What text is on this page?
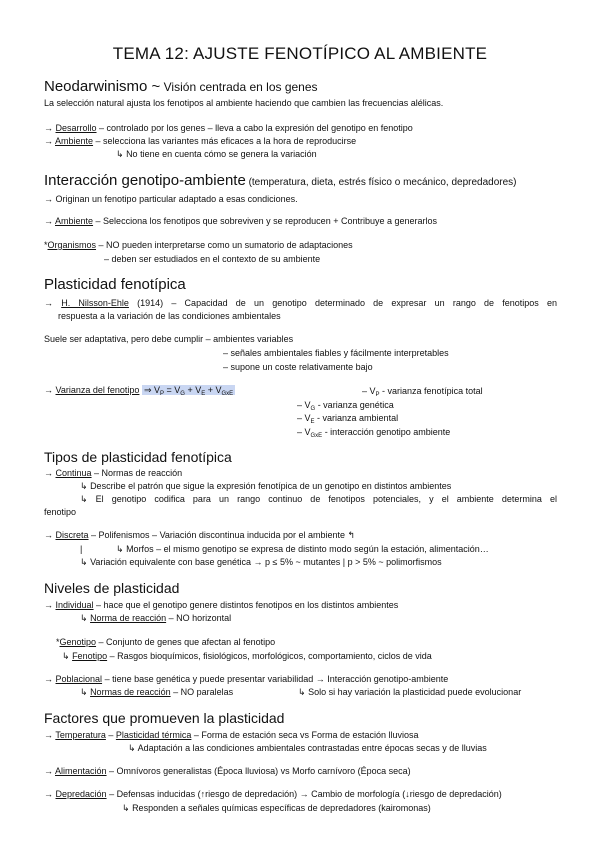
TEMA 12: AJUSTE FENOTÍPICO AL AMBIENTE
Neodarwinismo ~ Visión centrada en los genes
La selección natural ajusta los fenotipos al ambiente haciendo que cambien las frecuencias alélicas.
→ Desarrollo – controlado por los genes – lleva a cabo la expresión del genotipo en fenotipo
→ Ambiente – selecciona las variantes más eficaces a la hora de reproducirse
↳ No tiene en cuenta cómo se genera la variación
Interacción genotipo-ambiente (temperatura, dieta, estrés físico o mecánico, depredadores)
→ Originan un fenotipo particular adaptado a esas condiciones.
→ Ambiente – Selecciona los fenotipos que sobreviven y se reproducen + Contribuye a generarlos
*Organismos – NO pueden interpretarse como un sumatorio de adaptaciones
– deben ser estudiados en el contexto de su ambiente
Plasticidad fenotípica
→ H. Nilsson-Ehle (1914) – Capacidad de un genotipo determinado de expresar un rango de fenotipos en
respuesta a la variación de las condiciones ambientales
Suele ser adaptativa, pero debe cumplir – ambientes variables
– señales ambientales fiables y fácilmente interpretables
– supone un coste relativamente bajo
→ Varianza del fenotipo ⇒ $V_P = V_G + V_E + V_{GxE}$	– $V_P$ - varianza fenotípica total
– $V_G$ - varianza genética
– $V_E$ - varianza ambiental
– $V_{GxE}$ - interacción genotipo ambiente
Tipos de plasticidad fenotípica
→ Continua – Normas de reacción
↳ Describe el patrón que sigue la expresión fenotípica de un genotipo en distintos ambientes
↳ El genotipo codifica para un rango continuo de fenotipos potenciales, y el ambiente determina el
fenotipo
→ Discreta – Polifenismos – Variación discontinua inducida por el ambiente ↰
|	↳ Morfos – el mismo genotipo se expresa de distinto modo según la estación, alimentación…
↳ Variación equivalente con base genética → p ≤ 5% ~ mutantes | p > 5% ~ polimorfismos
Niveles de plasticidad
→ Individual – hace que el genotipo genere distintos fenotipos en los distintos ambientes
↳ Norma de reacción – NO horizontal
*Genotipo – Conjunto de genes que afectan al fenotipo
↳ Fenotipo – Rasgos bioquímicos, fisiológicos, morfológicos, comportamiento, ciclos de vida
→ Poblacional – tiene base genética y puede presentar variabilidad → Interacción genotipo-ambiente
↳ Normas de reacción – NO paralelas	↳ Solo si hay variación la plasticidad puede evolucionar
Factores que promueven la plasticidad
→ Temperatura – Plasticidad térmica – Forma de estación seca vs Forma de estación lluviosa
↳ Adaptación a las condiciones ambientales contrastadas entre épocas secas y de lluvias
→ Alimentación – Omnívoros generalistas (Época lluviosa) vs Morfo carnívoro (Época seca)
→ Depredación – Defensas inducidas (↑riesgo de depredación) → Cambio de morfología (↓riesgo de depredación)
↳ Responden a señales químicas específicas de depredadores (kairomonas)
